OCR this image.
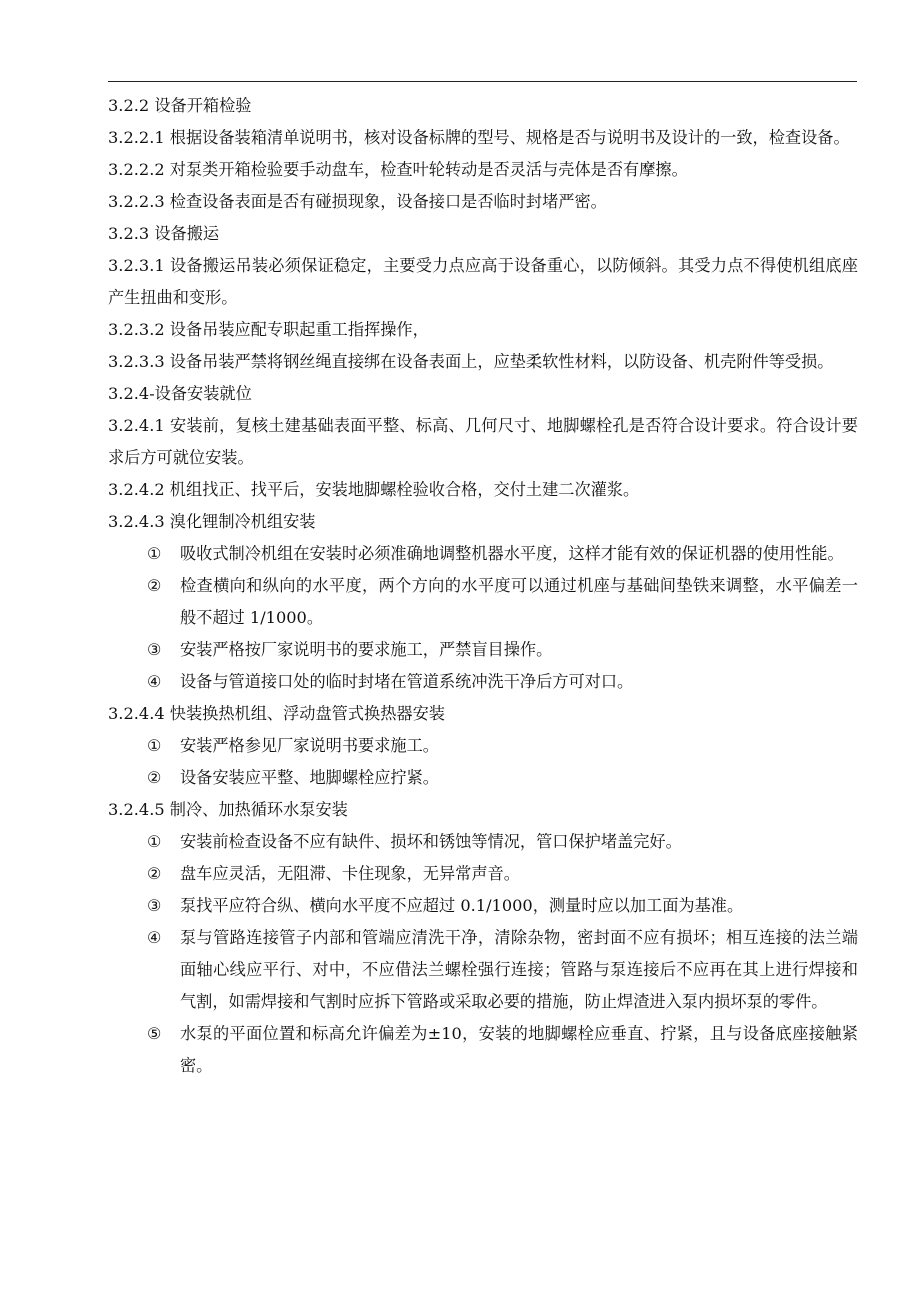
3.2.2 设备开箱检验
3.2.2.1 根据设备装箱清单说明书，核对设备标牌的型号、规格是否与说明书及设计的一致，检查设备。
3.2.2.2 对泵类开箱检验要手动盘车，检查叶轮转动是否灵活与壳体是否有摩擦。
3.2.2.3 检查设备表面是否有碰损现象，设备接口是否临时封堵严密。
3.2.3 设备搬运
3.2.3.1 设备搬运吊装必须保证稳定，主要受力点应高于设备重心，以防倾斜。其受力点不得使机组底座产生扭曲和变形。
3.2.3.2 设备吊装应配专职起重工指挥操作，
3.2.3.3 设备吊装严禁将钢丝绳直接绑在设备表面上，应垫柔软性材料，以防设备、机壳附件等受损。
3.2.4-设备安装就位
3.2.4.1 安装前，复核土建基础表面平整、标高、几何尺寸、地脚螺栓孔是否符合设计要求。符合设计要求后方可就位安装。
3.2.4.2 机组找正、找平后，安装地脚螺栓验收合格，交付土建二次灌浆。
3.2.4.3 溴化锂制冷机组安装
①	吸收式制冷机组在安装时必须准确地调整机器水平度，这样才能有效的保证机器的使用性能。
②	检查横向和纵向的水平度，两个方向的水平度可以通过机座与基础间垫铁来调整，水平偏差一般不超过 1/1000。
③	安装严格按厂家说明书的要求施工，严禁盲目操作。
④	设备与管道接口处的临时封堵在管道系统冲洗干净后方可对口。
3.2.4.4 快装换热机组、浮动盘管式换热器安装
①	安装严格参见厂家说明书要求施工。
②	设备安装应平整、地脚螺栓应拧紧。
3.2.4.5 制冷、加热循环水泵安装
①	安装前检查设备不应有缺件、损坏和锈蚀等情况，管口保护堵盖完好。
②	盘车应灵活，无阻滞、卡住现象，无异常声音。
③	泵找平应符合纵、横向水平度不应超过 0.1/1000，测量时应以加工面为基准。
④	泵与管路连接管子内部和管端应清洗干净，清除杂物，密封面不应有损坏；相互连接的法兰端面轴心线应平行、对中，不应借法兰螺栓强行连接；管路与泵连接后不应再在其上进行焊接和气割，如需焊接和气割时应拆下管路或采取必要的措施，防止焊渣进入泵内损坏泵的零件。
⑤	水泵的平面位置和标高允许偏差为±10，安装的地脚螺栓应垂直、拧紧，且与设备底座接触紧密。
